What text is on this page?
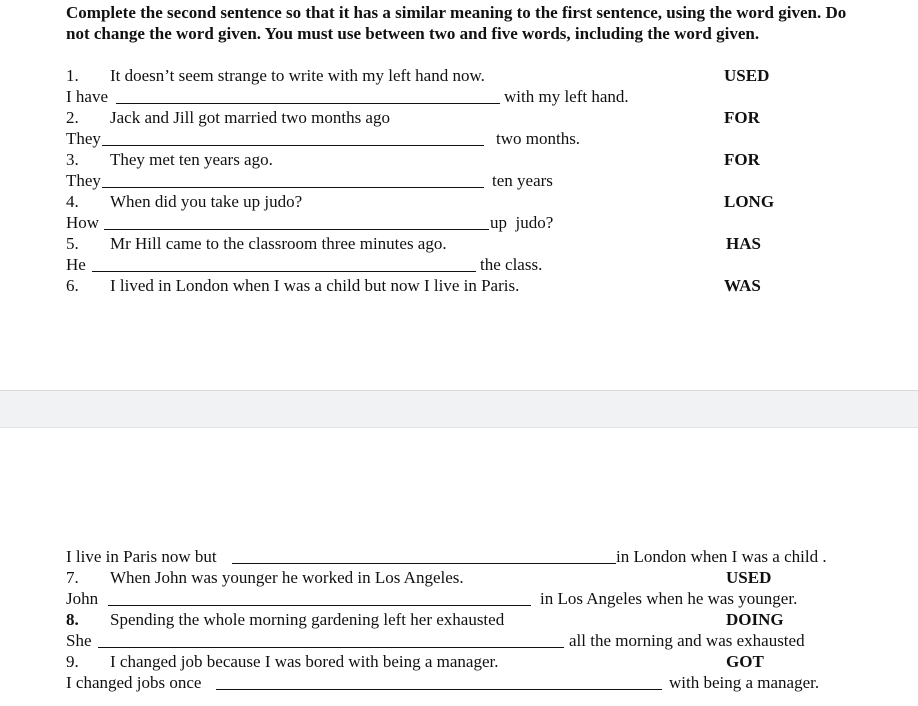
Complete the second sentence so that it has a similar meaning to the first sentence, using the word given. Do not change the word given. You must use between two and five words, including the word given.
1. It doesn’t seem strange to write with my left hand now.	USED
I have	with my left hand.
2. Jack and Jill got married two months ago	FOR
They	two months.
3. They met ten years ago.	FOR
They	ten years
4. When did you take up judo?	LONG
How	up  judo?
5. Mr Hill came to the classroom three minutes ago.	HAS
He	the class.
6. I lived in London when I was a child but now I live in Paris.	WAS
I live in Paris now but	in London when I was a child .
7. When John was younger he worked in Los Angeles.	USED
John	in Los Angeles when he was younger.
8. Spending the whole morning gardening left her exhausted	DOING
She	all the morning and was exhausted
9. I changed job because I was bored with being a manager.	GOT
I changed jobs once	with being a manager.
